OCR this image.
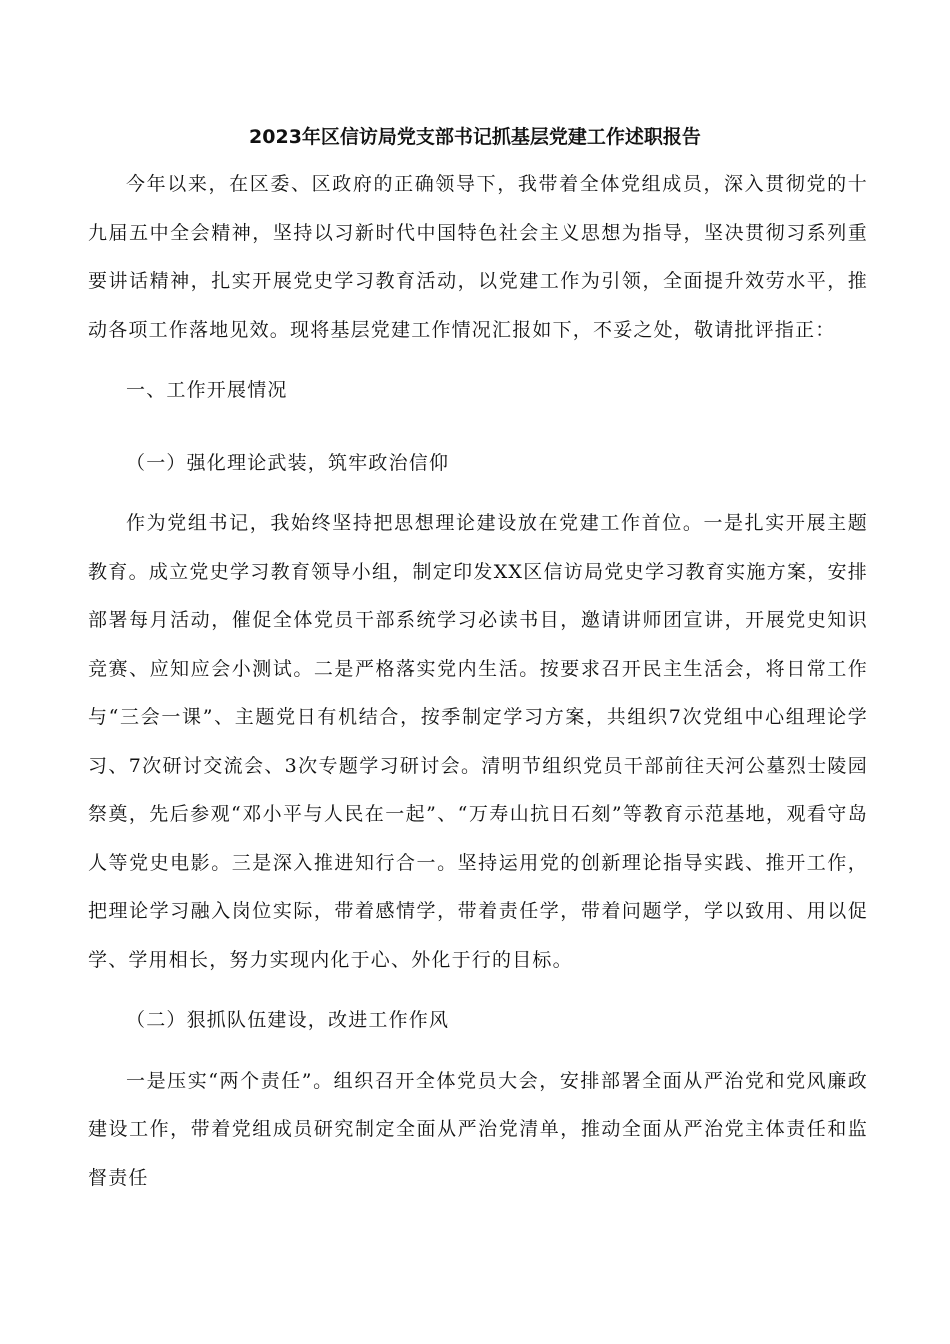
2023年区信访局党支部书记抓基层党建工作述职报告

今年以来，在区委、区政府的正确领导下，我带着全体党组成员，深入贯彻党的十九届五中全会精神，坚持以习新时代中国特色社会主义思想为指导，坚决贯彻习系列重要讲话精神，扎实开展党史学习教育活动，以党建工作为引领，全面提升效劳水平，推动各项工作落地见效。现将基层党建工作情况汇报如下，不妥之处，敬请批评指正：

一、工作开展情况

（一）强化理论武装，筑牢政治信仰

作为党组书记，我始终坚持把思想理论建设放在党建工作首位。一是扎实开展主题教育。成立党史学习教育领导小组，制定印发XX区信访局党史学习教育实施方案，安排部署每月活动，催促全体党员干部系统学习必读书目，邀请讲师团宣讲，开展党史知识竞赛、应知应会小测试。二是严格落实党内生活。按要求召开民主生活会，将日常工作与“三会一课”、主题党日有机结合，按季制定学习方案，共组织7次党组中心组理论学习、7次研讨交流会、3次专题学习研讨会。清明节组织党员干部前往天河公墓烈士陵园祭奠，先后参观“邓小平与人民在一起”、“万寿山抗日石刻”等教育示范基地，观看守岛人等党史电影。三是深入推进知行合一。坚持运用党的创新理论指导实践、推开工作，把理论学习融入岗位实际，带着感情学，带着责任学，带着问题学，学以致用、用以促学、学用相长，努力实现内化于心、外化于行的目标。

（二）狠抓队伍建设，改进工作作风

一是压实“两个责任”。组织召开全体党员大会，安排部署全面从严治党和党风廉政建设工作，带着党组成员研究制定全面从严治党清单，推动全面从严治党主体责任和监督责任
